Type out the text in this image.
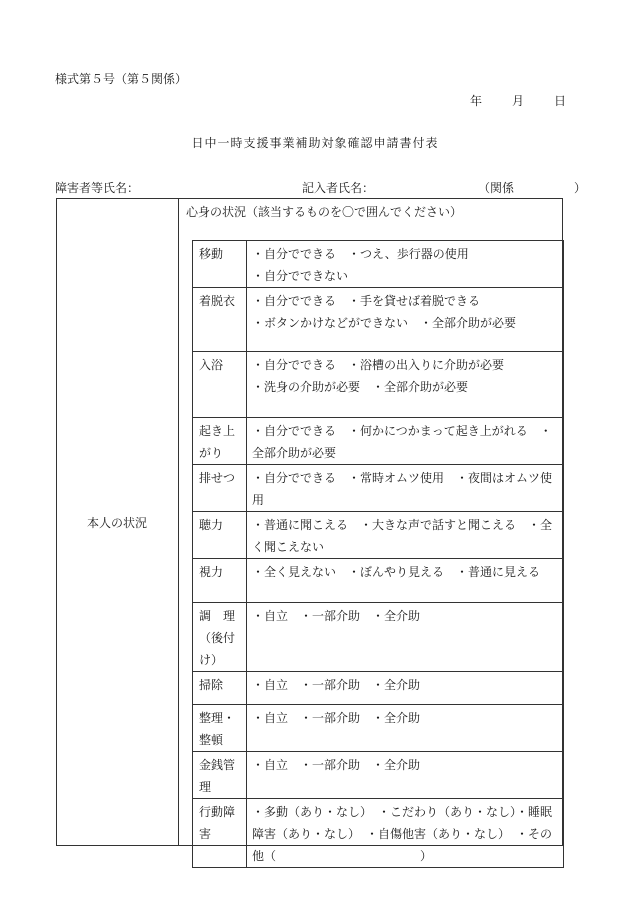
様式第５号（第５関係）
年	月	日
日中一時支援事業補助対象確認申請書付表
障害者等氏名：	記入者氏名：	（関係	）
本人の状況
心身の状況（該当するものを〇で囲んでください）
移動	・自分でできる　・つえ、歩行器の使用
・自分でできない
着脱衣	・自分でできる　・手を貸せば着脱できる
・ボタンかけなどができない　・全部介助が必要
入浴	・自分でできる　・浴槽の出入りに介助が必要
・洗身の介助が必要　・全部介助が必要
起き上がり	・自分でできる　・何かにつかまって起き上がれる　・全部介助が必要
排せつ	・自分でできる　・常時オムツ使用　・夜間はオムツ使用
聴力	・普通に聞こえる　・大きな声で話すと聞こえる　・全く聞こえない
視力	・全く見えない　・ぼんやり見える　・普通に見える
調　理（後付け）	・自立　・一部介助　・全介助
掃除	・自立　・一部介助　・全介助
整理・整頓	・自立　・一部介助　・全介助
金銭管理	・自立　・一部介助　・全介助
行動障害	・多動（あり・なし）　・こだわり（あり・なし）・睡眠障害（あり・なし）　・自傷他害（あり・なし）　・その他（　　　　　　　　　　　　）
